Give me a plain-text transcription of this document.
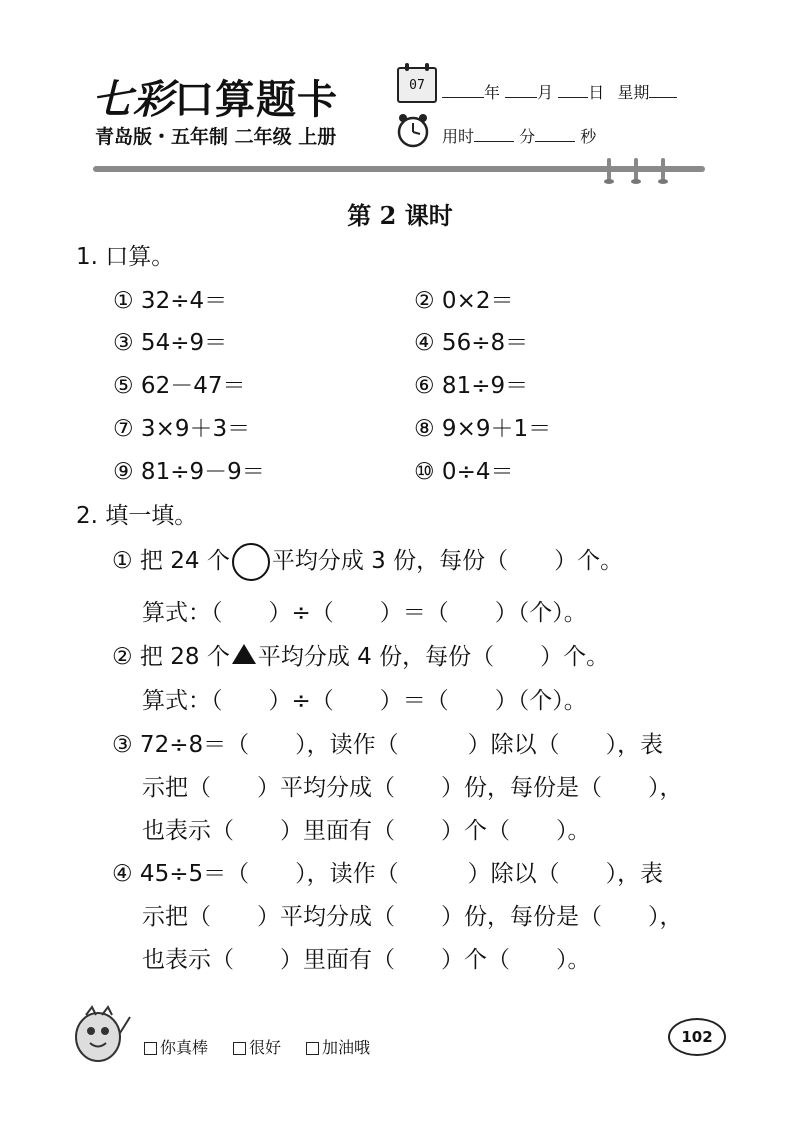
七彩口算题卡
青岛版・五年制 二年级 上册
07	年 月 日 星期
用时	分	秒
第 2 课时
1. 口算。
① 32÷4＝	② 0×2＝
③ 54÷9＝	④ 56÷8＝
⑤ 62－47＝	⑥ 81÷9＝
⑦ 3×9＋3＝	⑧ 9×9＋1＝
⑨ 81÷9－9＝	⑩ 0÷4＝
2. 填一填。
① 把 24 个 平均分成 3 份，每份（　　）个。
算式：（　　）÷（　　）＝（　　）（个）。
② 把 28 个 平均分成 4 份，每份（　　）个。
算式：（　　）÷（　　）＝（　　）（个）。
③ 72÷8＝（　　），读作（　　　）除以（　　），表
示把（　　）平均分成（　　）份，每份是（　　），
也表示（　　）里面有（　　）个（　　）。
④ 45÷5＝（　　），读作（　　　）除以（　　），表
示把（　　）平均分成（　　）份，每份是（　　），
也表示（　　）里面有（　　）个（　　）。
你真棒	很好	加油哦
102
